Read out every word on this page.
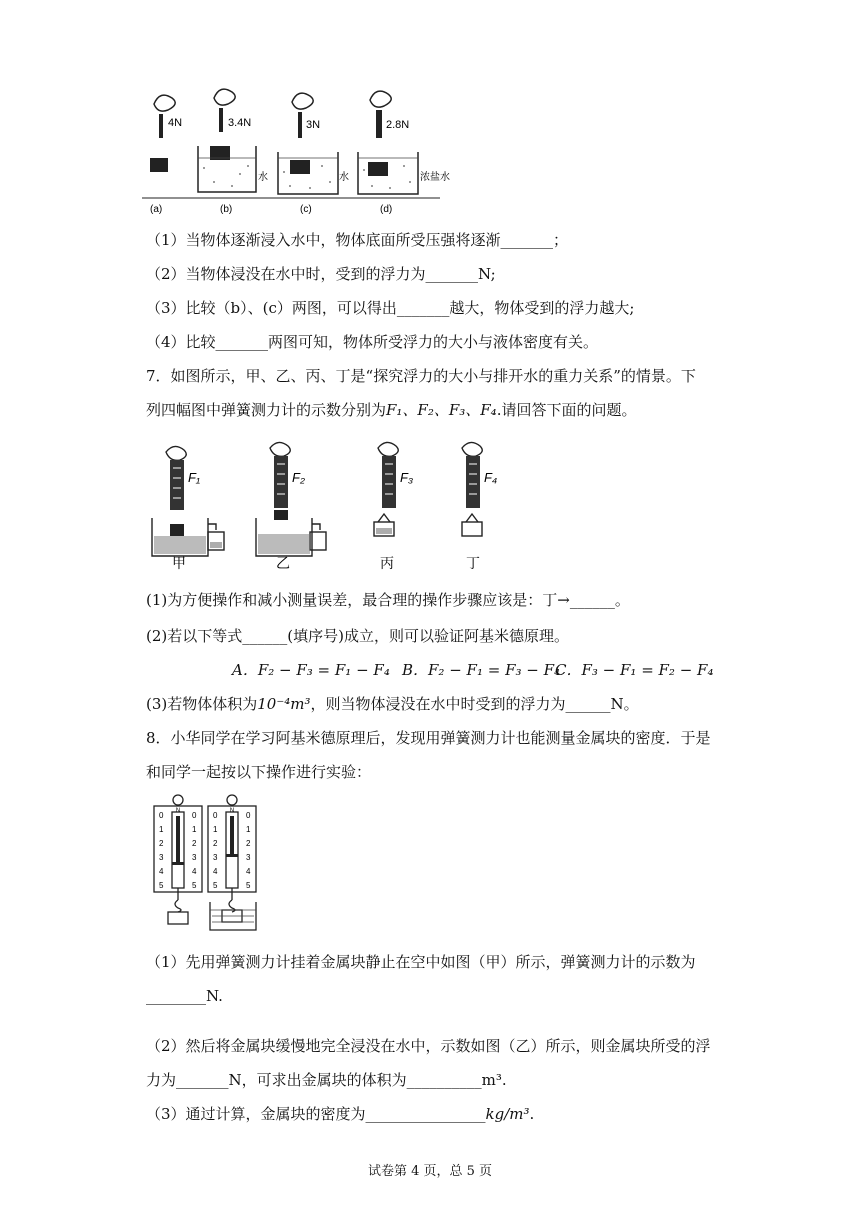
4N	3.4N	3N	2.8N
水	水	浓盐水
(a)	(b)	(c)	(d)
（1）当物体逐渐浸入水中，物体底面所受压强将逐渐_______；
（2）当物体浸没在水中时，受到的浮力为_______N;
（3）比较（b）、(c）两图，可以得出_______越大，物体受到的浮力越大;
（4）比较_______两图可知，物体所受浮力的大小与液体密度有关。
7．如图所示，甲、乙、丙、丁是“探究浮力的大小与排开水的重力关系”的情景。下
列四幅图中弹簧测力计的示数分别为F₁、F₂、F₃、F₄.请回答下面的问题。
F₁	F₂	F₃	F₄
甲	乙	丙	丁
(1)为方便操作和减小测量误差，最合理的操作步骤应该是：丁→______。
(2)若以下等式______(填序号)成立，则可以验证阿基米德原理。
A．F₂ − F₃ = F₁ − F₄ B．F₂ − F₁ = F₃ − F₄
C．F₃ − F₁ = F₂ − F₄
(3)若物体体积为10⁻⁴m³，则当物体浸没在水中时受到的浮力为______N。
8．小华同学在学习阿基米德原理后，发现用弹簧测力计也能测量金属块的密度．于是
和同学一起按以下操作进行实验：
N
0
1
2
3
4
5
0
1
2
3
4
5
N
0
1
2
3
4
5
0
1
2
3
4
5
（1）先用弹簧测力计挂着金属块静止在空中如图（甲）所示，弹簧测力计的示数为
________N.
（2）然后将金属块缓慢地完全浸没在水中，示数如图（乙）所示，则金属块所受的浮
力为_______N，可求出金属块的体积为__________m³.
（3）通过计算，金属块的密度为________________kg/m³.
试卷第 4 页，总 5 页
